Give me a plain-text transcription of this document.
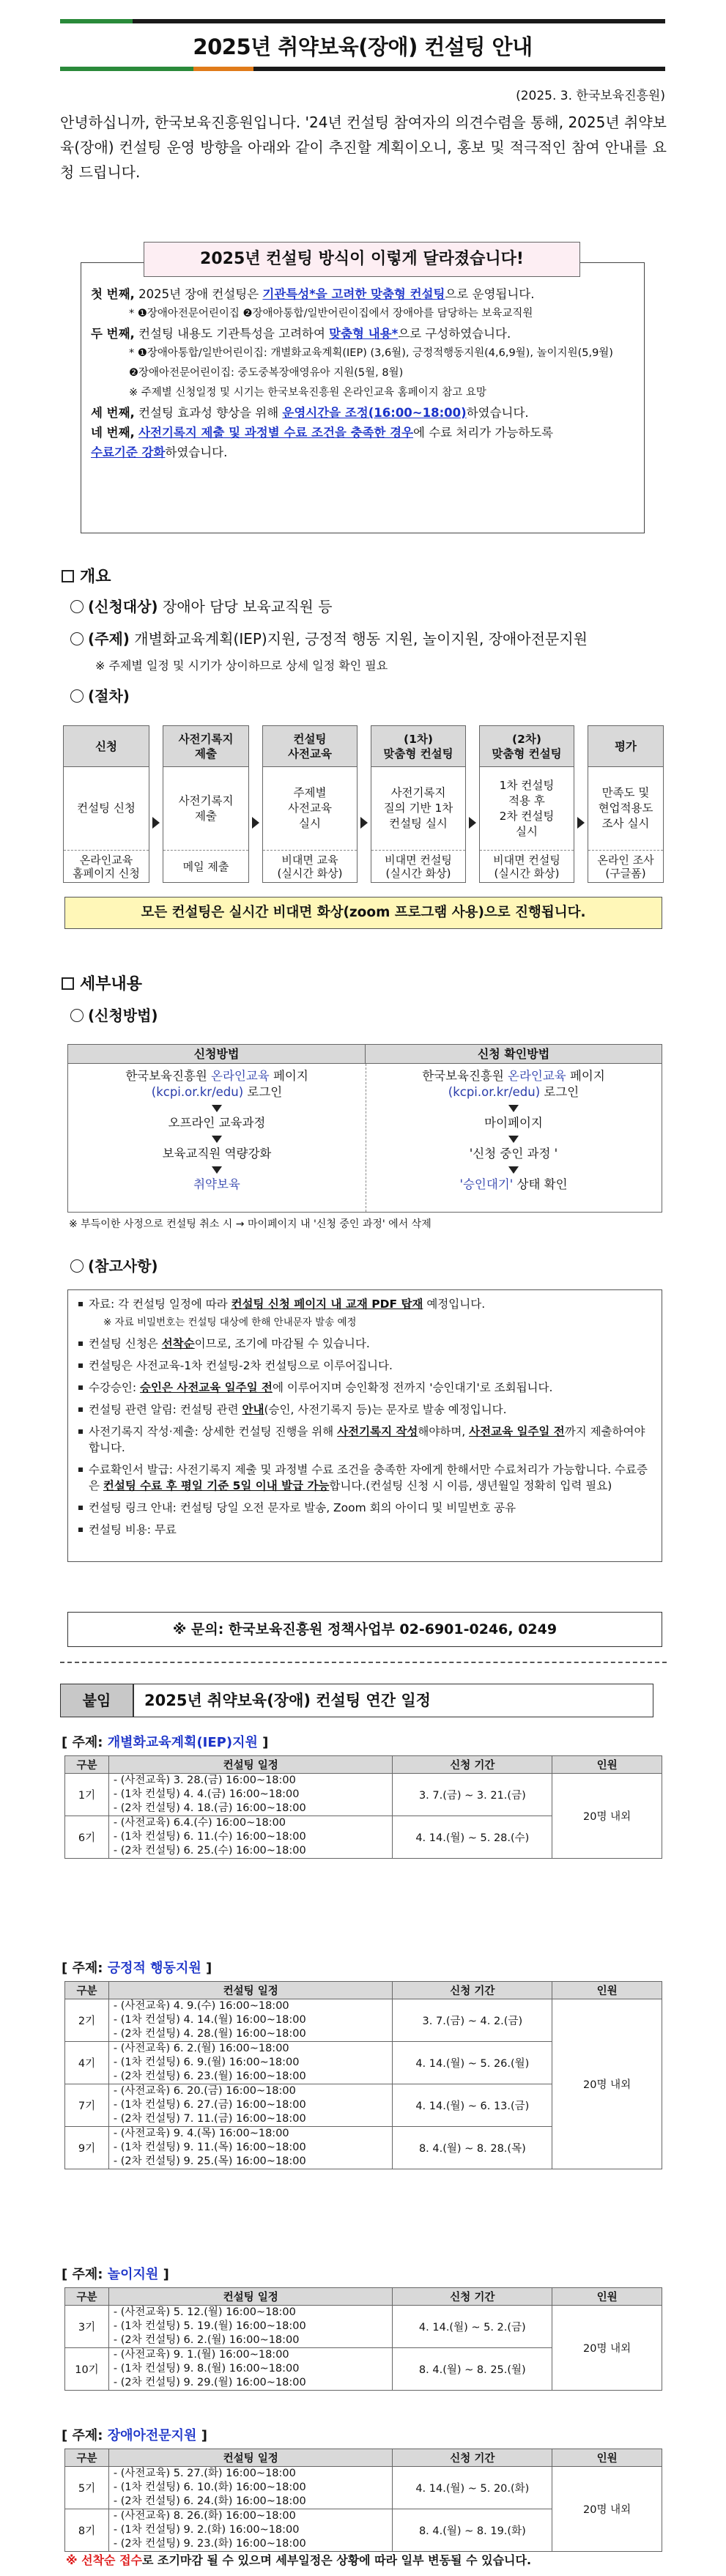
2025년 취약보육(장애) 컨설팅 안내
(2025. 3. 한국보육진흥원)
안녕하십니까, 한국보육진흥원입니다. '24년 컨설팅 참여자의 의견수렴을 통해, 2025년 취약보육(장애) 컨설팅 운영 방향을 아래와 같이 추진할 계획이오니, 홍보 및 적극적인 참여 안내를 요청 드립니다.
2025년 컨설팅 방식이 이렇게 달라졌습니다!
첫 번째, 2025년 장애 컨설팅은 기관특성*을 고려한 맞춤형 컨설팅으로 운영됩니다.
* ❶장애아전문어린이집 ❷장애아통합/일반어린이집에서 장애아를 담당하는 보육교직원
두 번째, 컨설팅 내용도 기관특성을 고려하여 맞춤형 내용*으로 구성하였습니다.
* ❶장애아통합/일반어린이집: 개별화교육계획(IEP) (3,6월), 긍정적행동지원(4,6,9월), 놀이지원(5,9월)
❷장애아전문어린이집: 중도중복장애영유아 지원(5월, 8월)
※ 주제별 신청일정 및 시기는 한국보육진흥원 온라인교육 홈페이지 참고 요망
세 번째, 컨설팅 효과성 향상을 위해 운영시간을 조정(16:00~18:00)하였습니다.
네 번째, 사전기록지 제출 및 과정별 수료 조건을 충족한 경우에 수료 처리가 가능하도록
수료기준 강화하였습니다.
개요
(신청대상) 장애아 담당 보육교직원 등
(주제) 개별화교육계획(IEP)지원, 긍정적 행동 지원, 놀이지원, 장애아전문지원
※ 주제별 일정 및 시기가 상이하므로 상세 일정 확인 필요
(절차)
신청
컨설팅 신청
온라인교육
홈페이지 신청
사전기록지
제출
사전기록지
제출
메일 제출
컨설팅
사전교육
주제별
사전교육
실시
비대면 교육
(실시간 화상)
(1차)
맞춤형 컨설팅
사전기록지
질의 기반 1차
컨설팅 실시
비대면 컨설팅
(실시간 화상)
(2차)
맞춤형 컨설팅
1차 컨설팅
적용 후
2차 컨설팅
실시
비대면 컨설팅
(실시간 화상)
평가
만족도 및
현업적용도
조사 실시
온라인 조사
(구글폼)
모든 컨설팅은 실시간 비대면 화상(zoom 프로그램 사용)으로 진행됩니다.
세부내용
(신청방법)
신청방법	신청 확인방법
한국보육진흥원 온라인교육 페이지
(kcpi.or.kr/edu) 로그인
오프라인 교육과정
보육교직원 역량강화
취약보육
한국보육진흥원 온라인교육 페이지
(kcpi.or.kr/edu) 로그인
마이페이지
'신청 중인 과정 '
'승인대기' 상태 확인
※ 부득이한 사정으로 컨설팅 취소 시 → 마이페이지 내 '신청 중인 과정' 에서 삭제
(참고사항)
자료: 각 컨설팅 일정에 따라 컨설팅 신청 페이지 내 교재 PDF 탑재 예정입니다.
※ 자료 비밀번호는 컨설팅 대상에 한해 안내문자 발송 예정
컨설팅 신청은 선착순이므로, 조기에 마감될 수 있습니다.
컨설팅은 사전교육-1차 컨설팅-2차 컨설팅으로 이루어집니다.
수강승인: 승인은 사전교육 일주일 전에 이루어지며 승인확정 전까지 '승인대기'로 조회됩니다.
컨설팅 관련 알림: 컨설팅 관련 안내(승인, 사전기록지 등)는 문자로 발송 예정입니다.
사전기록지 작성·제출: 상세한 컨설팅 진행을 위해 사전기록지 작성해야하며, 사전교육 일주일 전까지 제출하여야 합니다.
수료확인서 발급: 사전기록지 제출 및 과정별 수료 조건을 충족한 자에게 한해서만 수료처리가 가능합니다. 수료증은 컨설팅 수료 후 평일 기준 5일 이내 발급 가능합니다.(컨설팅 신청 시 이름, 생년월일 정확히 입력 필요)
컨설팅 링크 안내: 컨설팅 당일 오전 문자로 발송, Zoom 회의 아이디 및 비밀번호 공유
컨설팅 비용: 무료
※ 문의: 한국보육진흥원 정책사업부 02-6901-0246, 0249
붙임	2025년 취약보육(장애) 컨설팅 연간 일정
[ 주제: 개별화교육계획(IEP)지원 ]
구분	컨설팅 일정	신청 기간	인원
1기	- (사전교육) 3. 28.(금) 16:00~18:00
- (1차 컨설팅) 4. 4.(금) 16:00~18:00
- (2차 컨설팅) 4. 18.(금) 16:00~18:00	3. 7.(금) ~ 3. 21.(금)	20명 내외
6기	- (사전교육) 6.4.(수) 16:00~18:00
- (1차 컨설팅) 6. 11.(수) 16:00~18:00
- (2차 컨설팅) 6. 25.(수) 16:00~18:00	4. 14.(월) ~ 5. 28.(수)	
[ 주제: 긍정적 행동지원 ]
구분	컨설팅 일정	신청 기간	인원
2기	- (사전교육) 4. 9.(수) 16:00~18:00
- (1차 컨설팅) 4. 14.(월) 16:00~18:00
- (2차 컨설팅) 4. 28.(월) 16:00~18:00	3. 7.(금) ~ 4. 2.(금)	20명 내외
4기	- (사전교육) 6. 2.(월) 16:00~18:00
- (1차 컨설팅) 6. 9.(월) 16:00~18:00
- (2차 컨설팅) 6. 23.(월) 16:00~18:00	4. 14.(월) ~ 5. 26.(월)	
7기	- (사전교육) 6. 20.(금) 16:00~18:00
- (1차 컨설팅) 6. 27.(금) 16:00~18:00
- (2차 컨설팅) 7. 11.(금) 16:00~18:00	4. 14.(월) ~ 6. 13.(금)	
9기	- (사전교육) 9. 4.(목) 16:00~18:00
- (1차 컨설팅) 9. 11.(목) 16:00~18:00
- (2차 컨설팅) 9. 25.(목) 16:00~18:00	8. 4.(월) ~ 8. 28.(목)	
[ 주제: 놀이지원 ]
구분	컨설팅 일정	신청 기간	인원
3기	- (사전교육) 5. 12.(월) 16:00~18:00
- (1차 컨설팅) 5. 19.(월) 16:00~18:00
- (2차 컨설팅) 6. 2.(월) 16:00~18:00	4. 14.(월) ~ 5. 2.(금)	20명 내외
10기	- (사전교육) 9. 1.(월) 16:00~18:00
- (1차 컨설팅) 9. 8.(월) 16:00~18:00
- (2차 컨설팅) 9. 29.(월) 16:00~18:00	8. 4.(월) ~ 8. 25.(월)	
[ 주제: 장애아전문지원 ]
구분	컨설팅 일정	신청 기간	인원
5기	- (사전교육) 5. 27.(화) 16:00~18:00
- (1차 컨설팅) 6. 10.(화) 16:00~18:00
- (2차 컨설팅) 6. 24.(화) 16:00~18:00	4. 14.(월) ~ 5. 20.(화)	20명 내외
8기	- (사전교육) 8. 26.(화) 16:00~18:00
- (1차 컨설팅) 9. 2.(화) 16:00~18:00
- (2차 컨설팅) 9. 23.(화) 16:00~18:00	8. 4.(월) ~ 8. 19.(화)	
※ 선착순 접수로 조기마감 될 수 있으며 세부일정은 상황에 따라 일부 변동될 수 있습니다.
